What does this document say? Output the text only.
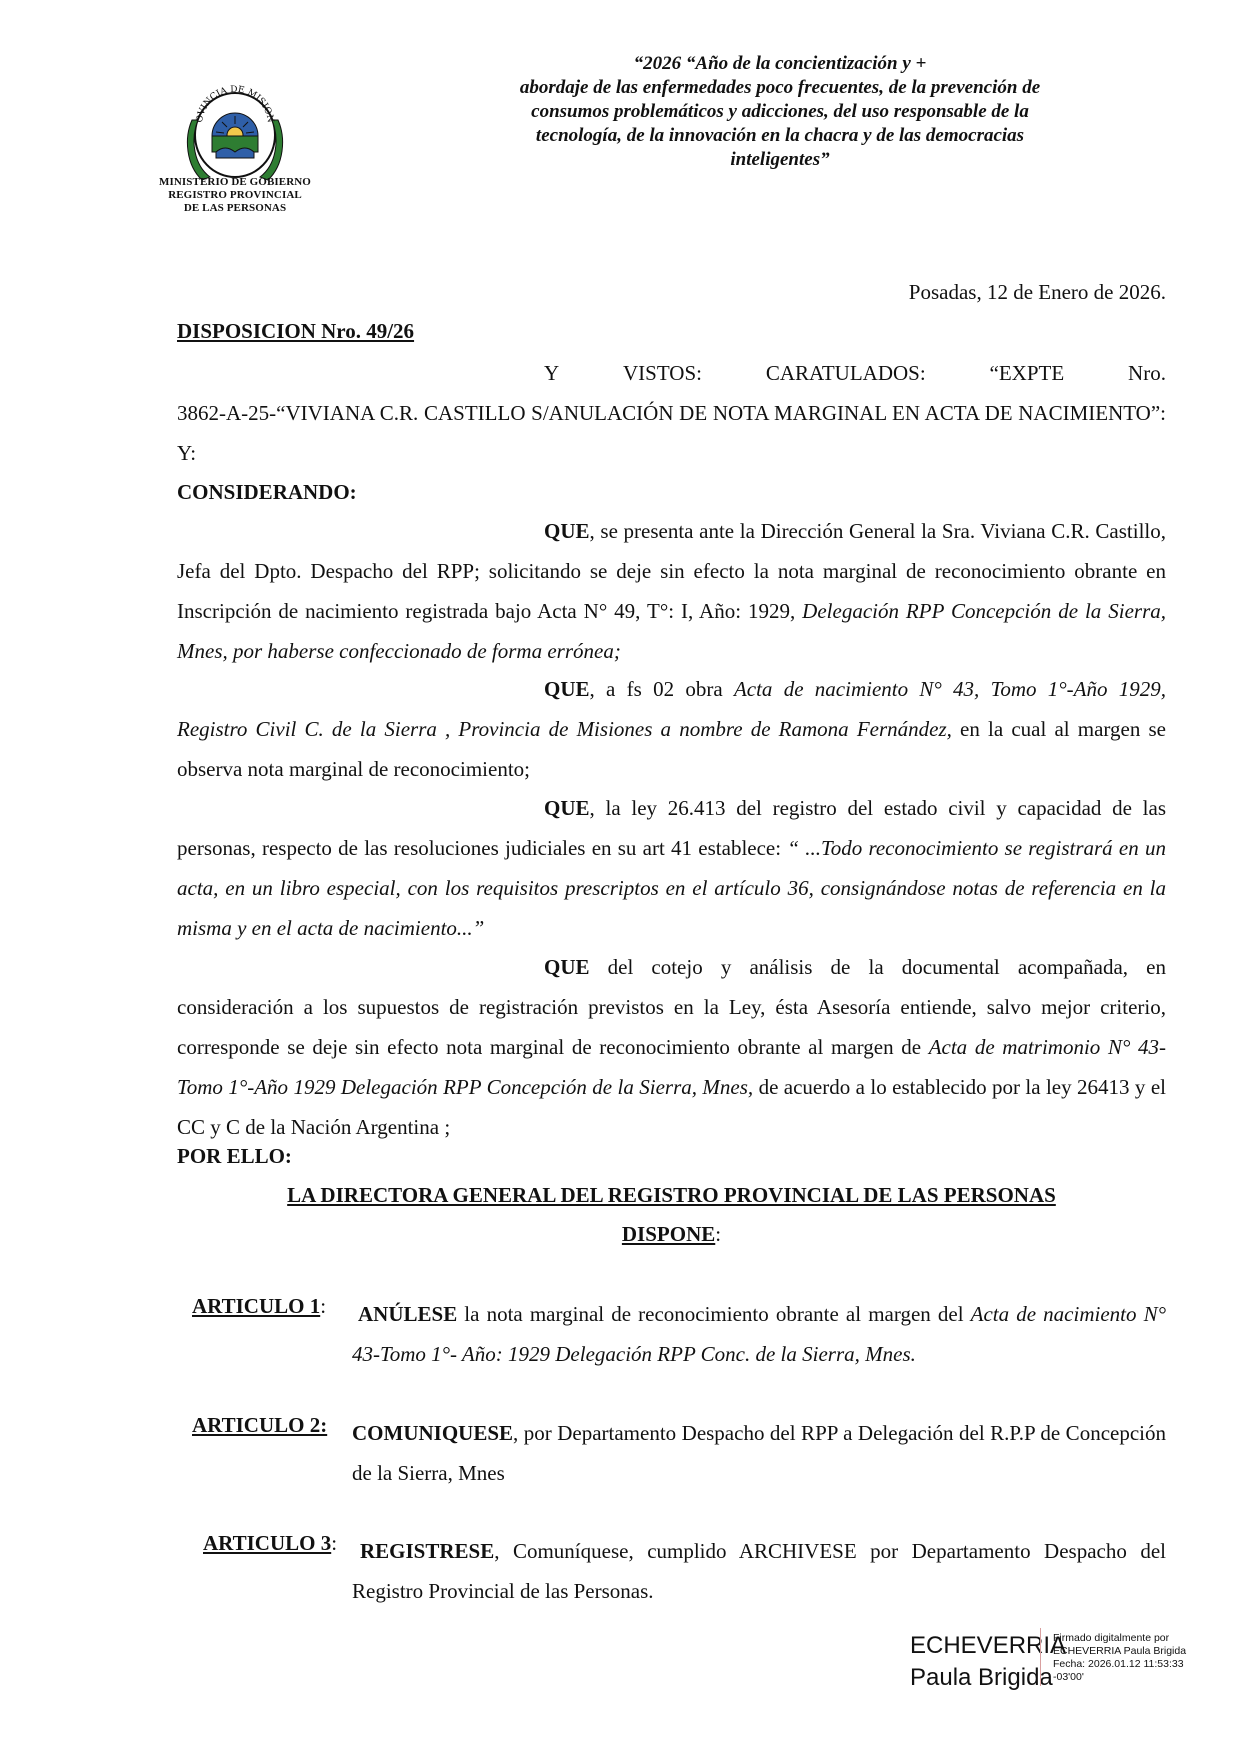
OVINCIA DE MISION
MINISTERIO DE GOBIERNO
REGISTRO PROVINCIAL
DE LAS PERSONAS
“2026 “Año de la concientización y +
abordaje de las enfermedades poco frecuentes, de la prevención de
consumos problemáticos y adicciones, del uso responsable de la
tecnología, de la innovación en la chacra y de las democracias
inteligentes”
Posadas, 12 de Enero de 2026.
DISPOSICION Nro. 49/26
Y	VISTOS:	CARATULADOS:	“EXPTE	Nro.
3862-A-25-“VIVIANA C.R. CASTILLO S/ANULACIÓN DE NOTA MARGINAL EN ACTA DE NACIMIENTO”: Y:
CONSIDERANDO:
QUE, se presenta ante la Dirección General la Sra. Viviana C.R. Castillo, Jefa del Dpto. Despacho del RPP; solicitando se deje sin efecto la nota marginal de reconocimiento obrante en Inscripción de nacimiento registrada bajo Acta N° 49, T°: I, Año: 1929, Delegación RPP Concepción de la Sierra, Mnes, por haberse confeccionado de forma errónea;
QUE, a fs 02 obra Acta de nacimiento N° 43, Tomo 1°-Año 1929, Registro Civil C. de la Sierra , Provincia de Misiones a nombre de Ramona Fernández, en la cual al margen se observa nota marginal de reconocimiento;
QUE, la ley 26.413 del registro del estado civil y capacidad de las personas, respecto de las resoluciones judiciales en su art 41 establece: “ ...Todo reconocimiento se registrará en un acta, en un libro especial, con los requisitos prescriptos en el artículo 36, consignándose notas de referencia en la misma y en el acta de nacimiento...”
QUE del cotejo y análisis de la documental acompañada, en consideración a los supuestos de registración previstos en la Ley, ésta Asesoría entiende, salvo mejor criterio, corresponde se deje sin efecto nota marginal de reconocimiento obrante al margen de Acta de matrimonio N° 43-Tomo 1°-Año 1929 Delegación RPP Concepción de la Sierra, Mnes, de acuerdo a lo establecido por la ley 26413 y el CC y C de la Nación Argentina ;
POR ELLO:
LA DIRECTORA GENERAL DEL REGISTRO PROVINCIAL DE LAS PERSONAS
DISPONE:
ARTICULO 1: ANÚLESE la nota marginal de reconocimiento obrante al margen del Acta de nacimiento N° 43-Tomo 1°- Año: 1929 Delegación RPP Conc. de la Sierra, Mnes.
ARTICULO 2: COMUNIQUESE, por Departamento Despacho del RPP a Delegación del R.P.P de Concepción de la Sierra, Mnes
ARTICULO 3:	REGISTRESE, Comuníquese, cumplido ARCHIVESE por Departamento Despacho del Registro Provincial de las Personas.
ECHEVERRIA
Paula Brigida
Firmado digitalmente por
ECHEVERRIA Paula Brigida
Fecha: 2026.01.12 11:53:33
-03'00'
